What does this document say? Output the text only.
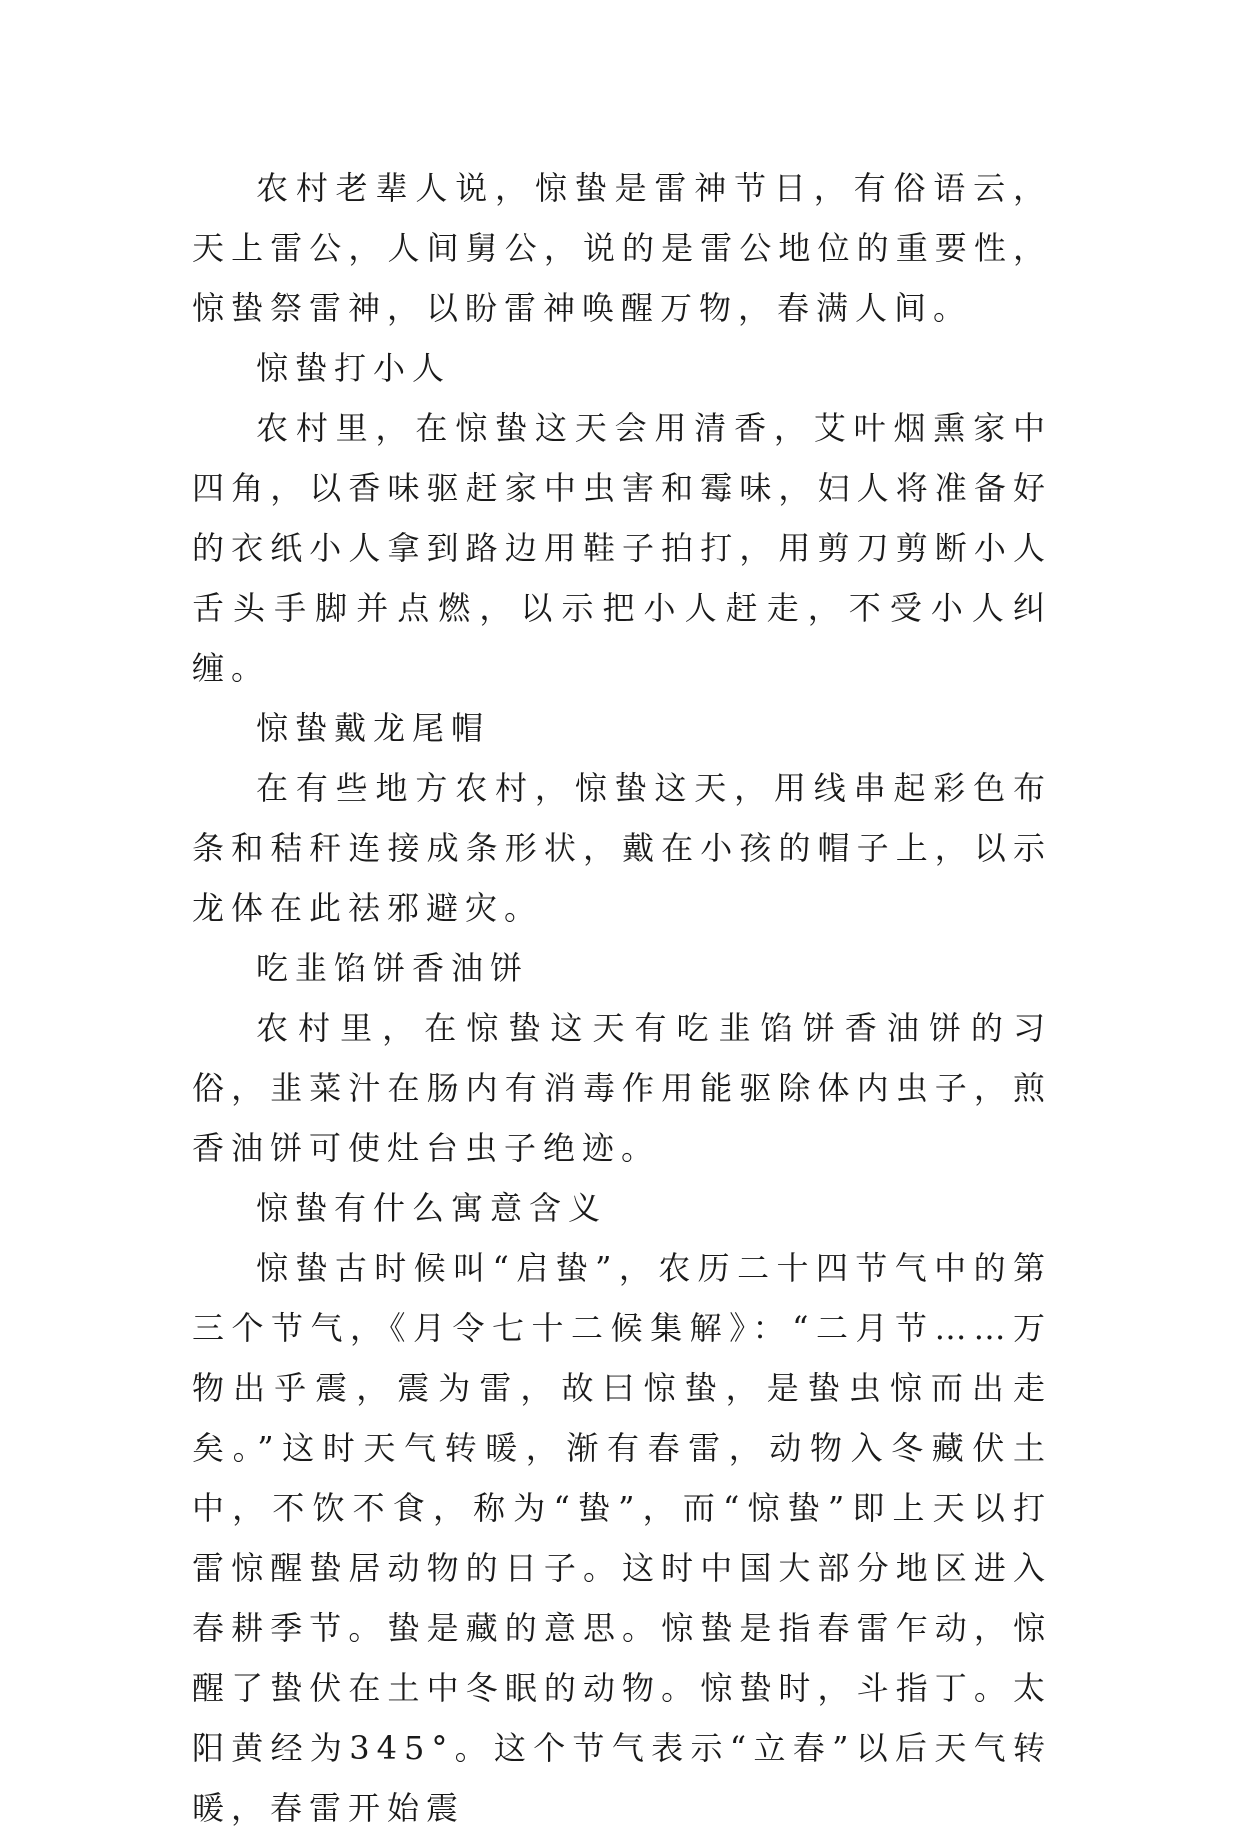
农村老辈人说，惊蛰是雷神节日，有俗语云，天上雷公，人间舅公，说的是雷公地位的重要性，惊蛰祭雷神，以盼雷神唤醒万物，春满人间。

惊蛰打小人

农村里，在惊蛰这天会用清香，艾叶烟熏家中四角，以香味驱赶家中虫害和霉味，妇人将准备好的衣纸小人拿到路边用鞋子拍打，用剪刀剪断小人舌头手脚并点燃，以示把小人赶走，不受小人纠缠。

惊蛰戴龙尾帽

在有些地方农村，惊蛰这天，用线串起彩色布条和秸秆连接成条形状，戴在小孩的帽子上，以示龙体在此祛邪避灾。

吃韭馅饼香油饼

农村里，在惊蛰这天有吃韭馅饼香油饼的习俗，韭菜汁在肠内有消毒作用能驱除体内虫子，煎香油饼可使灶台虫子绝迹。

惊蛰有什么寓意含义

惊蛰古时候叫“启蛰”，农历二十四节气中的第三个节气，《月令七十二候集解》：“二月节……万物出乎震，震为雷，故曰惊蛰，是蛰虫惊而出走矣。”这时天气转暖，渐有春雷，动物入冬藏伏土中，不饮不食，称为“蛰”，而“惊蛰”即上天以打雷惊醒蛰居动物的日子。这时中国大部分地区进入春耕季节。蛰是藏的意思。惊蛰是指春雷乍动，惊醒了蛰伏在土中冬眠的动物。惊蛰时，斗指丁。太阳黄经为345°。这个节气表示“立春”以后天气转暖，春雷开始震
